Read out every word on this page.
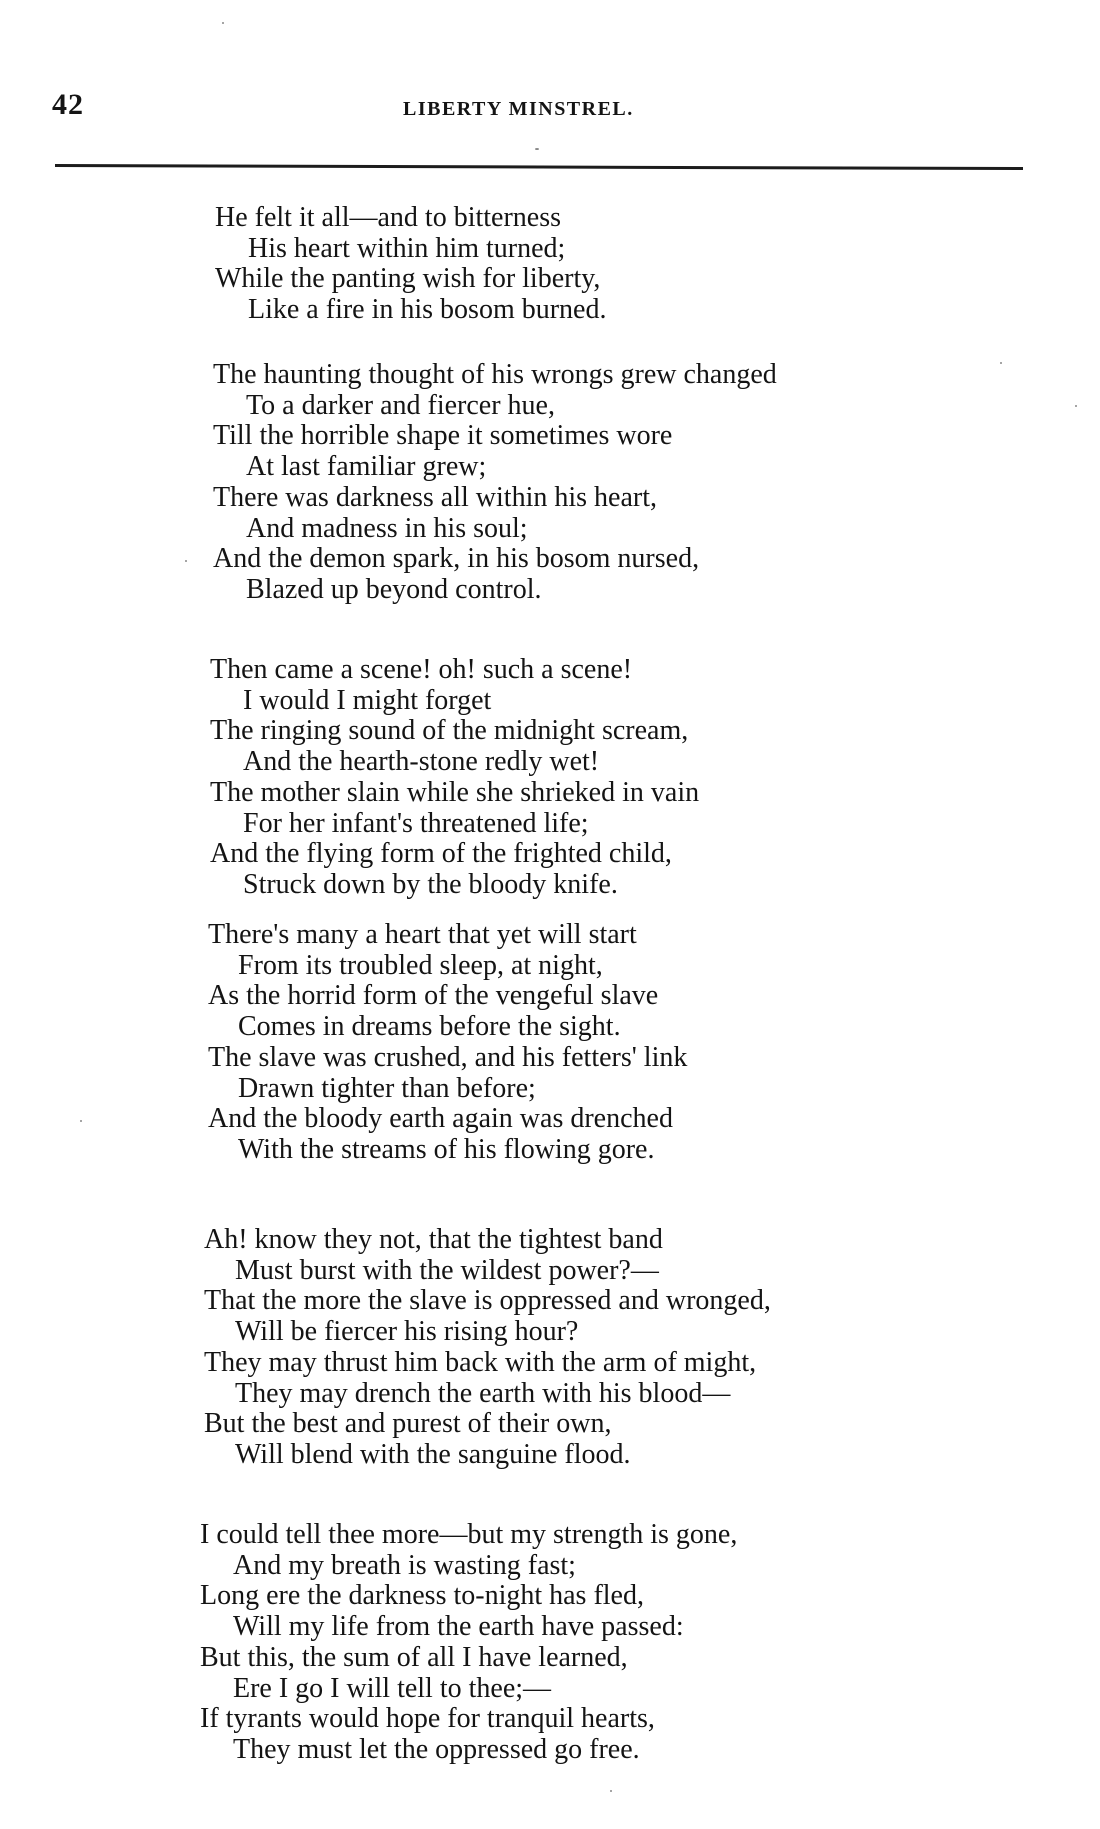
42	LIBERTY MINSTREL.
He felt it all—and to bitterness
His heart within him turned;
While the panting wish for liberty,
Like a fire in his bosom burned.
The haunting thought of his wrongs grew changed
To a darker and fiercer hue,
Till the horrible shape it sometimes wore
At last familiar grew;
There was darkness all within his heart,
And madness in his soul;
And the demon spark, in his bosom nursed,
Blazed up beyond control.
Then came a scene! oh! such a scene!
I would I might forget
The ringing sound of the midnight scream,
And the hearth-stone redly wet!
The mother slain while she shrieked in vain
For her infant's threatened life;
And the flying form of the frighted child,
Struck down by the bloody knife.
There's many a heart that yet will start
From its troubled sleep, at night,
As the horrid form of the vengeful slave
Comes in dreams before the sight.
The slave was crushed, and his fetters' link
Drawn tighter than before;
And the bloody earth again was drenched
With the streams of his flowing gore.
Ah! know they not, that the tightest band
Must burst with the wildest power?—
That the more the slave is oppressed and wronged,
Will be fiercer his rising hour?
They may thrust him back with the arm of might,
They may drench the earth with his blood—
But the best and purest of their own,
Will blend with the sanguine flood.
I could tell thee more—but my strength is gone,
And my breath is wasting fast;
Long ere the darkness to-night has fled,
Will my life from the earth have passed:
But this, the sum of all I have learned,
Ere I go I will tell to thee;—
If tyrants would hope for tranquil hearts,
They must let the oppressed go free.
